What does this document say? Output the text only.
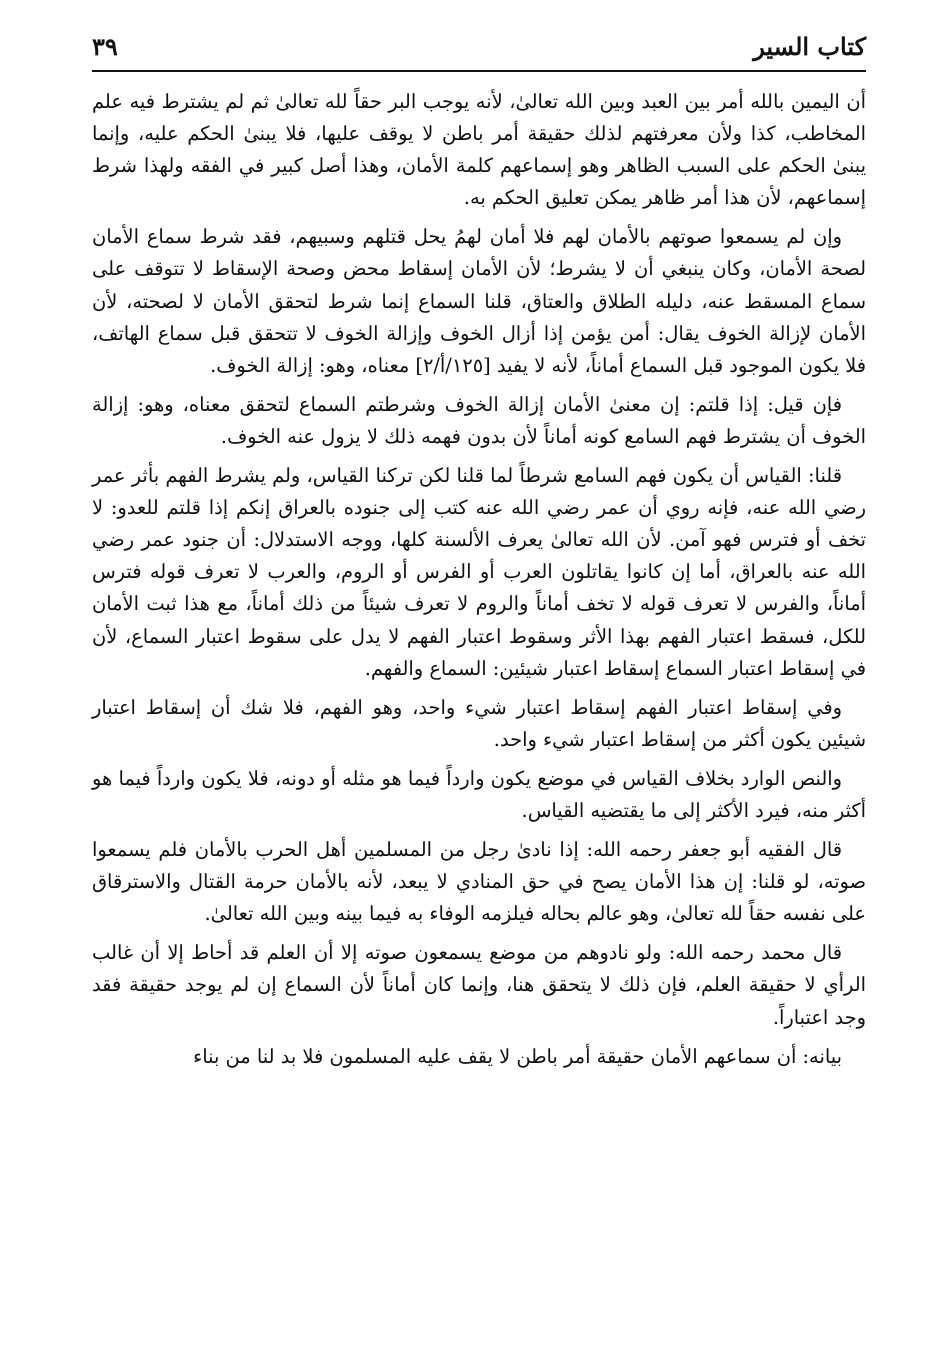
كتاب السير
٣٩

أن اليمين بالله أمر بين العبد وبين الله تعالىٰ، لأنه يوجب البر حقاً لله تعالىٰ ثم لم يشترط فيه علم المخاطب، كذا ولأن معرفتهم لذلك حقيقة أمر باطن لا يوقف عليها، فلا يبنىٰ الحكم عليه، وإنما يبنىٰ الحكم على السبب الظاهر وهو إسماعهم كلمة الأمان، وهذا أصل كبير في الفقه ولهذا شرط إسماعهم، لأن هذا أمر ظاهر يمكن تعليق الحكم به.

وإن لم يسمعوا صوتهم بالأمان لهم فلا أمان لهمُ يحل قتلهم وسبيهم، فقد شرط سماع الأمان لصحة الأمان، وكان ينبغي أن لا يشرط؛ لأن الأمان إسقاط محض وصحة الإسقاط لا تتوقف على سماع المسقط عنه، دليله الطلاق والعتاق، قلنا السماع إنما شرط لتحقق الأمان لا لصحته، لأن الأمان لإزالة الخوف يقال: أمن يؤمن إذا أزال الخوف وإزالة الخوف لا تتحقق قبل سماع الهاتف، فلا يكون الموجود قبل السماع أماناً، لأنه لا يفيد [١٢٥/أ/٢] معناه، وهو: إزالة الخوف.

فإن قيل: إذا قلتم: إن معنىٰ الأمان إزالة الخوف وشرطتم السماع لتحقق معناه، وهو: إزالة الخوف أن يشترط فهم السامع كونه أماناً لأن بدون فهمه ذلك لا يزول عنه الخوف.

قلنا: القياس أن يكون فهم السامع شرطاً لما قلنا لكن تركنا القياس، ولم يشرط الفهم بأثر عمر رضي الله عنه، فإنه روي أن عمر رضي الله عنه كتب إلى جنوده بالعراق إنكم إذا قلتم للعدو: لا تخف أو فترس فهو آمن. لأن الله تعالىٰ يعرف الألسنة كلها، ووجه الاستدلال: أن جنود عمر رضي الله عنه بالعراق، أما إن كانوا يقاتلون العرب أو الفرس أو الروم، والعرب لا تعرف قوله فترس أماناً، والفرس لا تعرف قوله لا تخف أماناً والروم لا تعرف شيئاً من ذلك أماناً، مع هذا ثبت الأمان للكل، فسقط اعتبار الفهم بهذا الأثر وسقوط اعتبار الفهم لا يدل على سقوط اعتبار السماع، لأن في إسقاط اعتبار السماع إسقاط اعتبار شيئين: السماع والفهم.

وفي إسقاط اعتبار الفهم إسقاط اعتبار شيء واحد، وهو الفهم، فلا شك أن إسقاط اعتبار شيئين يكون أكثر من إسقاط اعتبار شيء واحد.

والنص الوارد بخلاف القياس في موضع يكون وارداً فيما هو مثله أو دونه، فلا يكون وارداً فيما هو أكثر منه، فيرد الأكثر إلى ما يقتضيه القياس.

قال الفقيه أبو جعفر رحمه الله: إذا نادىٰ رجل من المسلمين أهل الحرب بالأمان فلم يسمعوا صوته، لو قلنا: إن هذا الأمان يصح في حق المنادي لا يبعد، لأنه بالأمان حرمة القتال والاسترقاق على نفسه حقاً لله تعالىٰ، وهو عالم بحاله فيلزمه الوفاء به فيما بينه وبين الله تعالىٰ.

قال محمد رحمه الله: ولو نادوهم من موضع يسمعون صوته إلا أن العلم قد أحاط إلا أن غالب الرأي لا حقيقة العلم، فإن ذلك لا يتحقق هنا، وإنما كان أماناً لأن السماع إن لم يوجد حقيقة فقد وجد اعتباراً.

بيانه: أن سماعهم الأمان حقيقة أمر باطن لا يقف عليه المسلمون فلا بد لنا من بناء
